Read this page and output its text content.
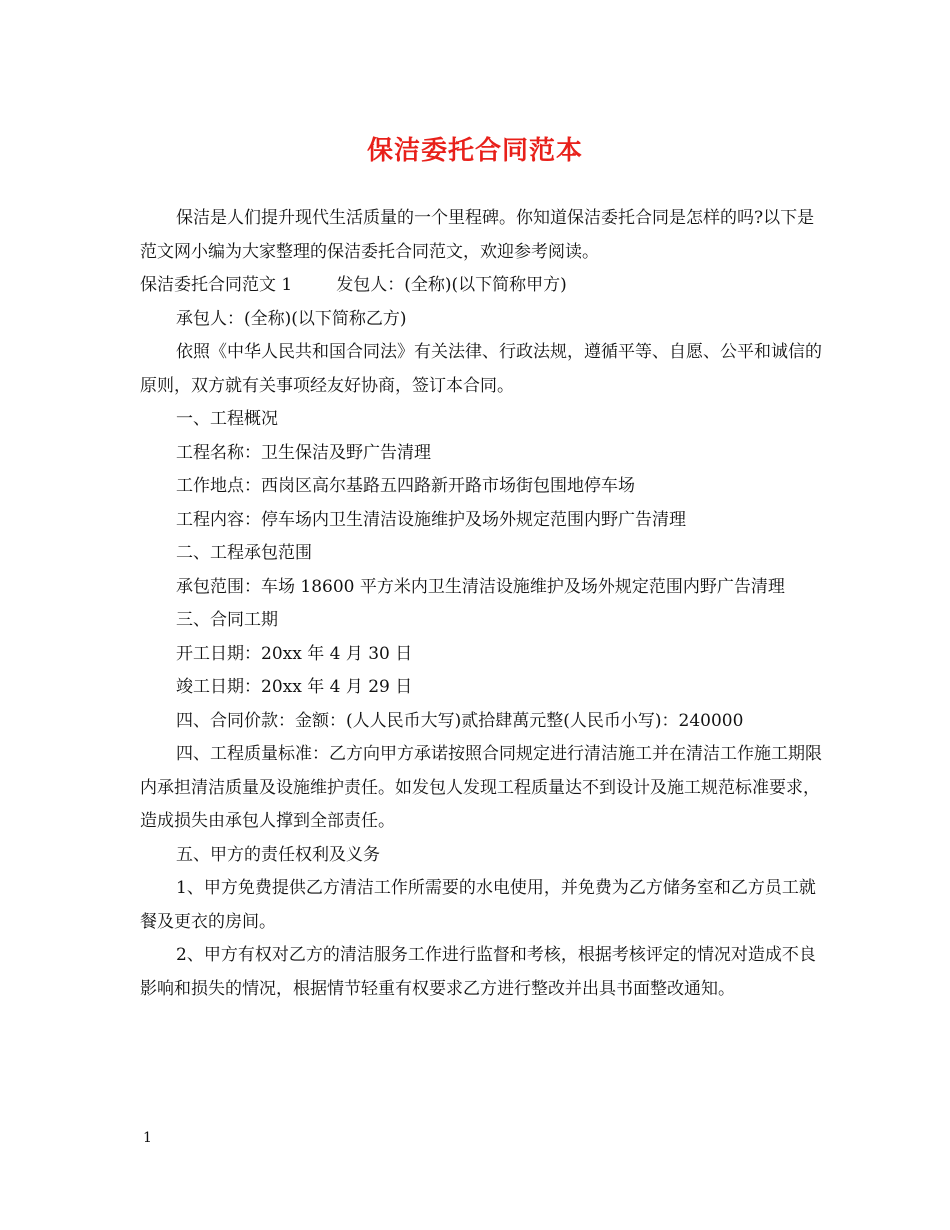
保洁委托合同范本

保洁是人们提升现代生活质量的一个里程碑。你知道保洁委托合同是怎样的吗?以下是范文网小编为大家整理的保洁委托合同范文，欢迎参考阅读。

保洁委托合同范文 1	发包人：(全称)(以下简称甲方)

承包人：(全称)(以下简称乙方)

依照《中华人民共和国合同法》有关法律、行政法规，遵循平等、自愿、公平和诚信的原则，双方就有关事项经友好协商，签订本合同。

一、工程概况

工程名称：卫生保洁及野广告清理

工作地点：西岗区高尔基路五四路新开路市场街包围地停车场

工程内容：停车场内卫生清洁设施维护及场外规定范围内野广告清理

二、工程承包范围

承包范围：车场 18600 平方米内卫生清洁设施维护及场外规定范围内野广告清理

三、合同工期

开工日期：20xx 年 4 月 30 日

竣工日期：20xx 年 4 月 29 日

四、合同价款：金额：(人人民币大写)贰拾肆萬元整(人民币小写)：240000

四、工程质量标准：乙方向甲方承诺按照合同规定进行清洁施工并在清洁工作施工期限内承担清洁质量及设施维护责任。如发包人发现工程质量达不到设计及施工规范标准要求，造成损失由承包人撑到全部责任。

五、甲方的责任权利及义务

1、甲方免费提供乙方清洁工作所需要的水电使用，并免费为乙方储务室和乙方员工就餐及更衣的房间。

2、甲方有权对乙方的清洁服务工作进行监督和考核，根据考核评定的情况对造成不良影响和损失的情况，根据情节轻重有权要求乙方进行整改并出具书面整改通知。

1
